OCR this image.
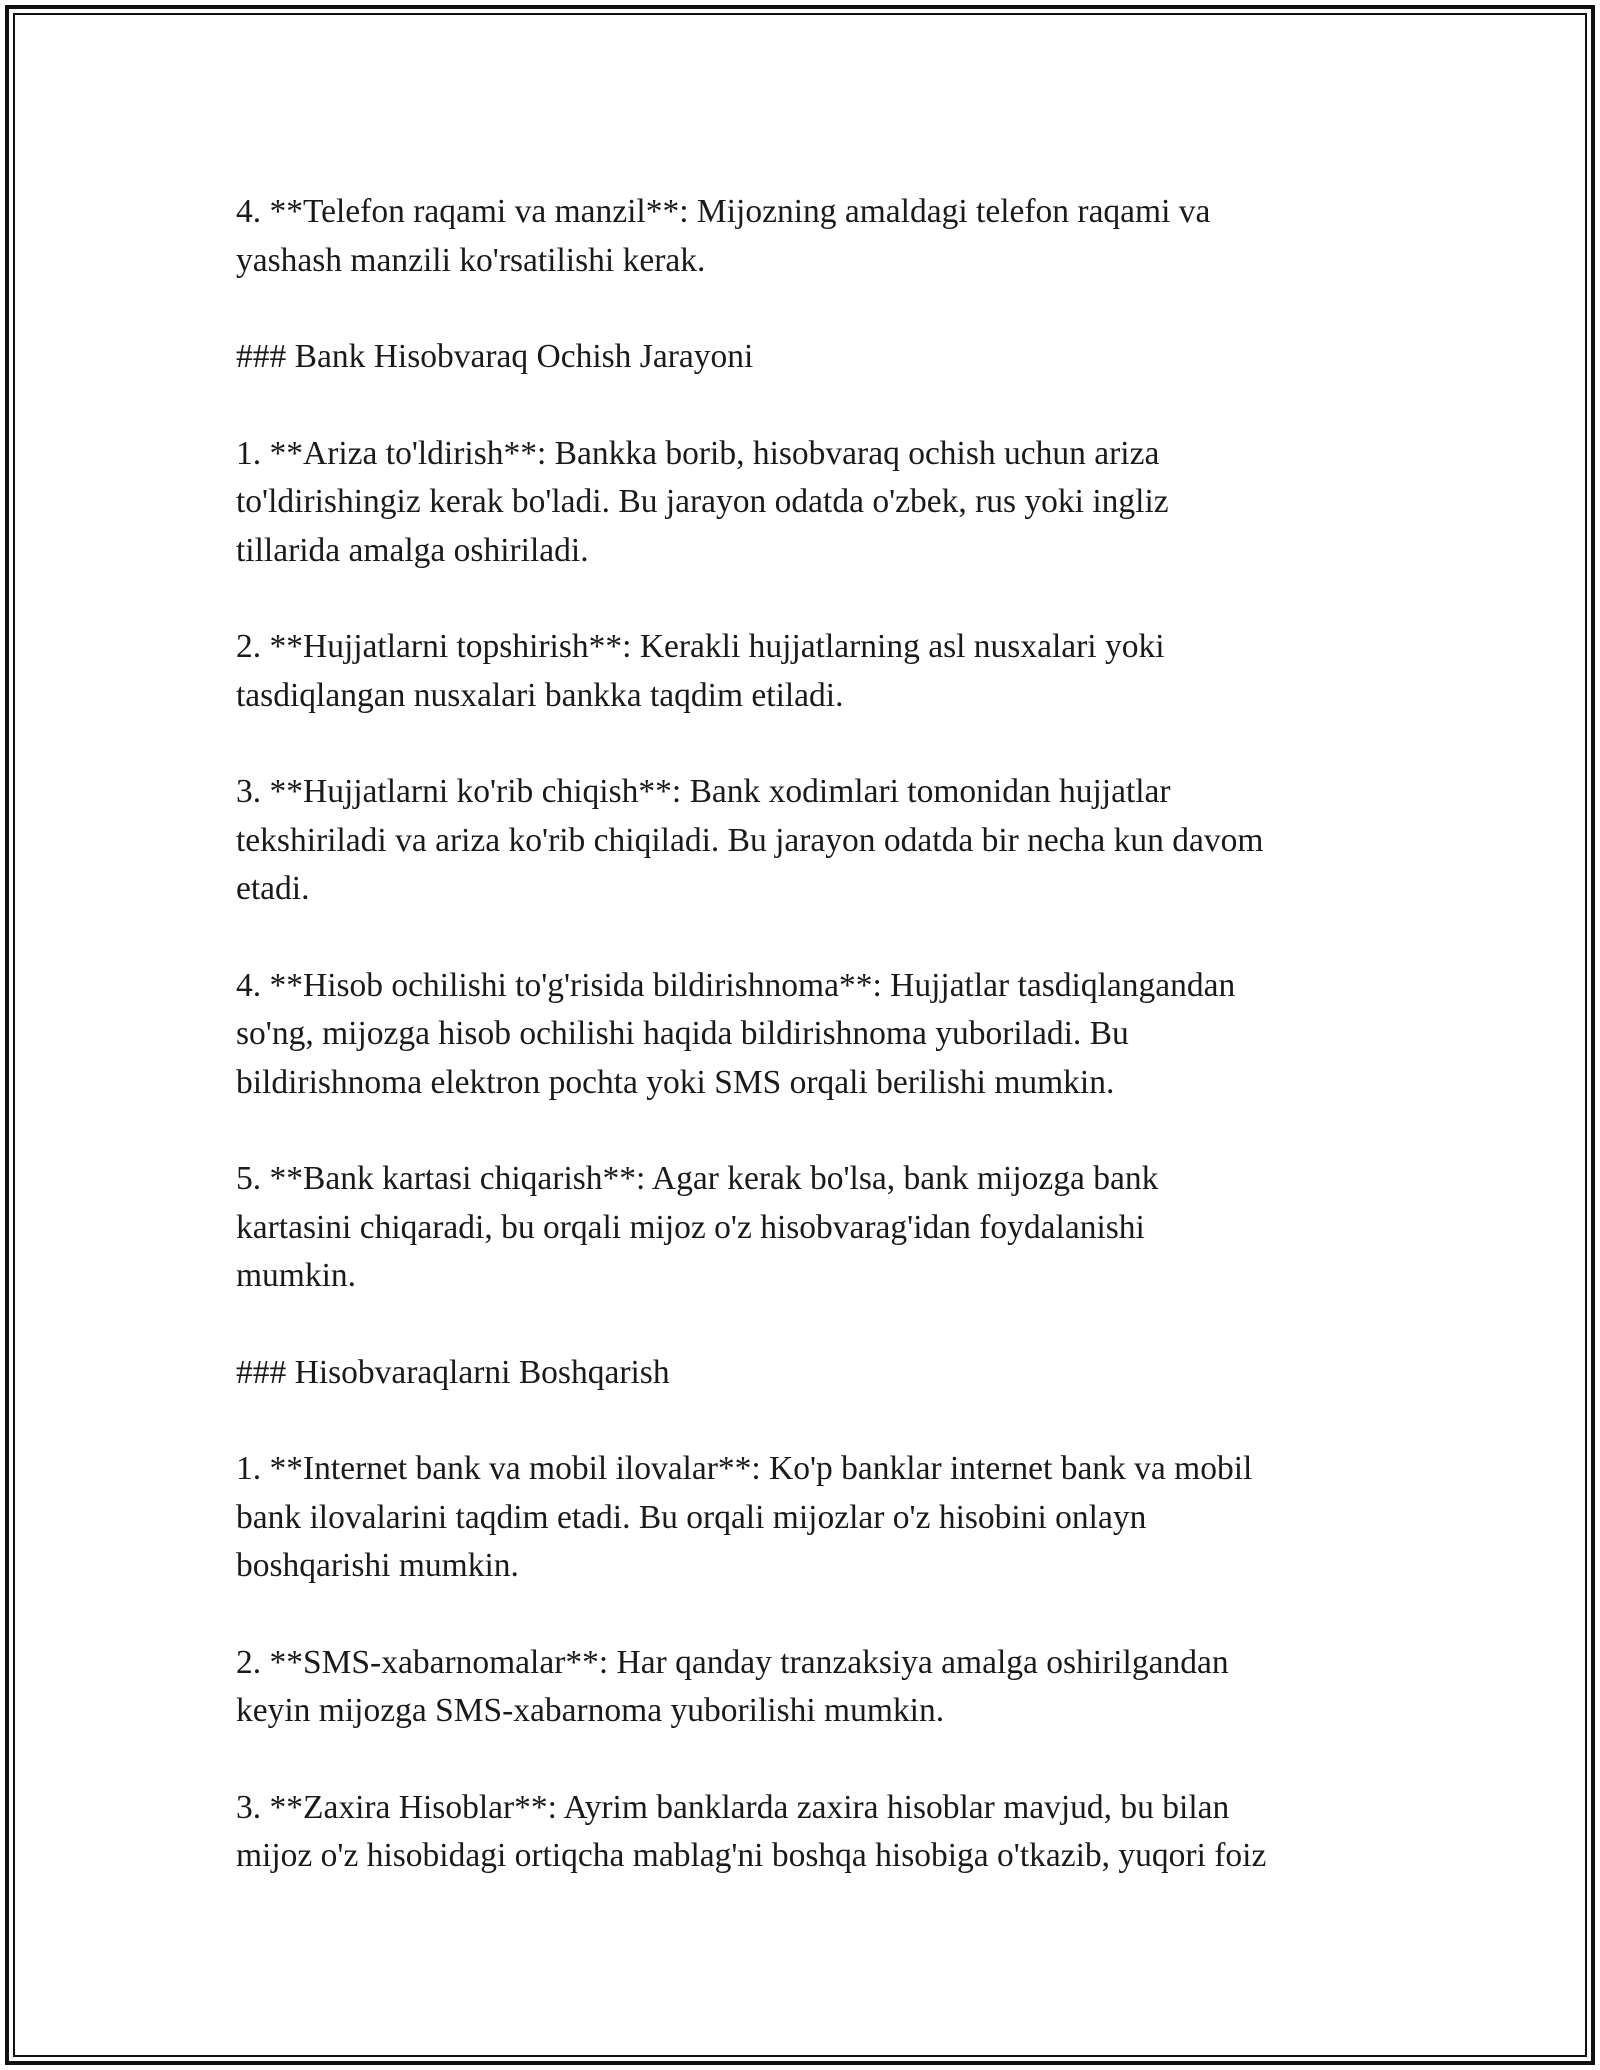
4. **Telefon raqami va manzil**: Mijozning amaldagi telefon raqami va
yashash manzili ko'rsatilishi kerak.

### Bank Hisobvaraq Ochish Jarayoni

1. **Ariza to'ldirish**: Bankka borib, hisobvaraq ochish uchun ariza
to'ldirishingiz kerak bo'ladi. Bu jarayon odatda o'zbek, rus yoki ingliz
tillarida amalga oshiriladi.

2. **Hujjatlarni topshirish**: Kerakli hujjatlarning asl nusxalari yoki
tasdiqlangan nusxalari bankka taqdim etiladi.

3. **Hujjatlarni ko'rib chiqish**: Bank xodimlari tomonidan hujjatlar
tekshiriladi va ariza ko'rib chiqiladi. Bu jarayon odatda bir necha kun davom
etadi.

4. **Hisob ochilishi to'g'risida bildirishnoma**: Hujjatlar tasdiqlangandan
so'ng, mijozga hisob ochilishi haqida bildirishnoma yuboriladi. Bu
bildirishnoma elektron pochta yoki SMS orqali berilishi mumkin.

5. **Bank kartasi chiqarish**: Agar kerak bo'lsa, bank mijozga bank
kartasini chiqaradi, bu orqali mijoz o'z hisobvarag'idan foydalanishi
mumkin.

### Hisobvaraqlarni Boshqarish

1. **Internet bank va mobil ilovalar**: Ko'p banklar internet bank va mobil
bank ilovalarini taqdim etadi. Bu orqali mijozlar o'z hisobini onlayn
boshqarishi mumkin.

2. **SMS-xabarnomalar**: Har qanday tranzaksiya amalga oshirilgandan
keyin mijozga SMS-xabarnoma yuborilishi mumkin.

3. **Zaxira Hisoblar**: Ayrim banklarda zaxira hisoblar mavjud, bu bilan
mijoz o'z hisobidagi ortiqcha mablag'ni boshqa hisobiga o'tkazib, yuqori foiz
